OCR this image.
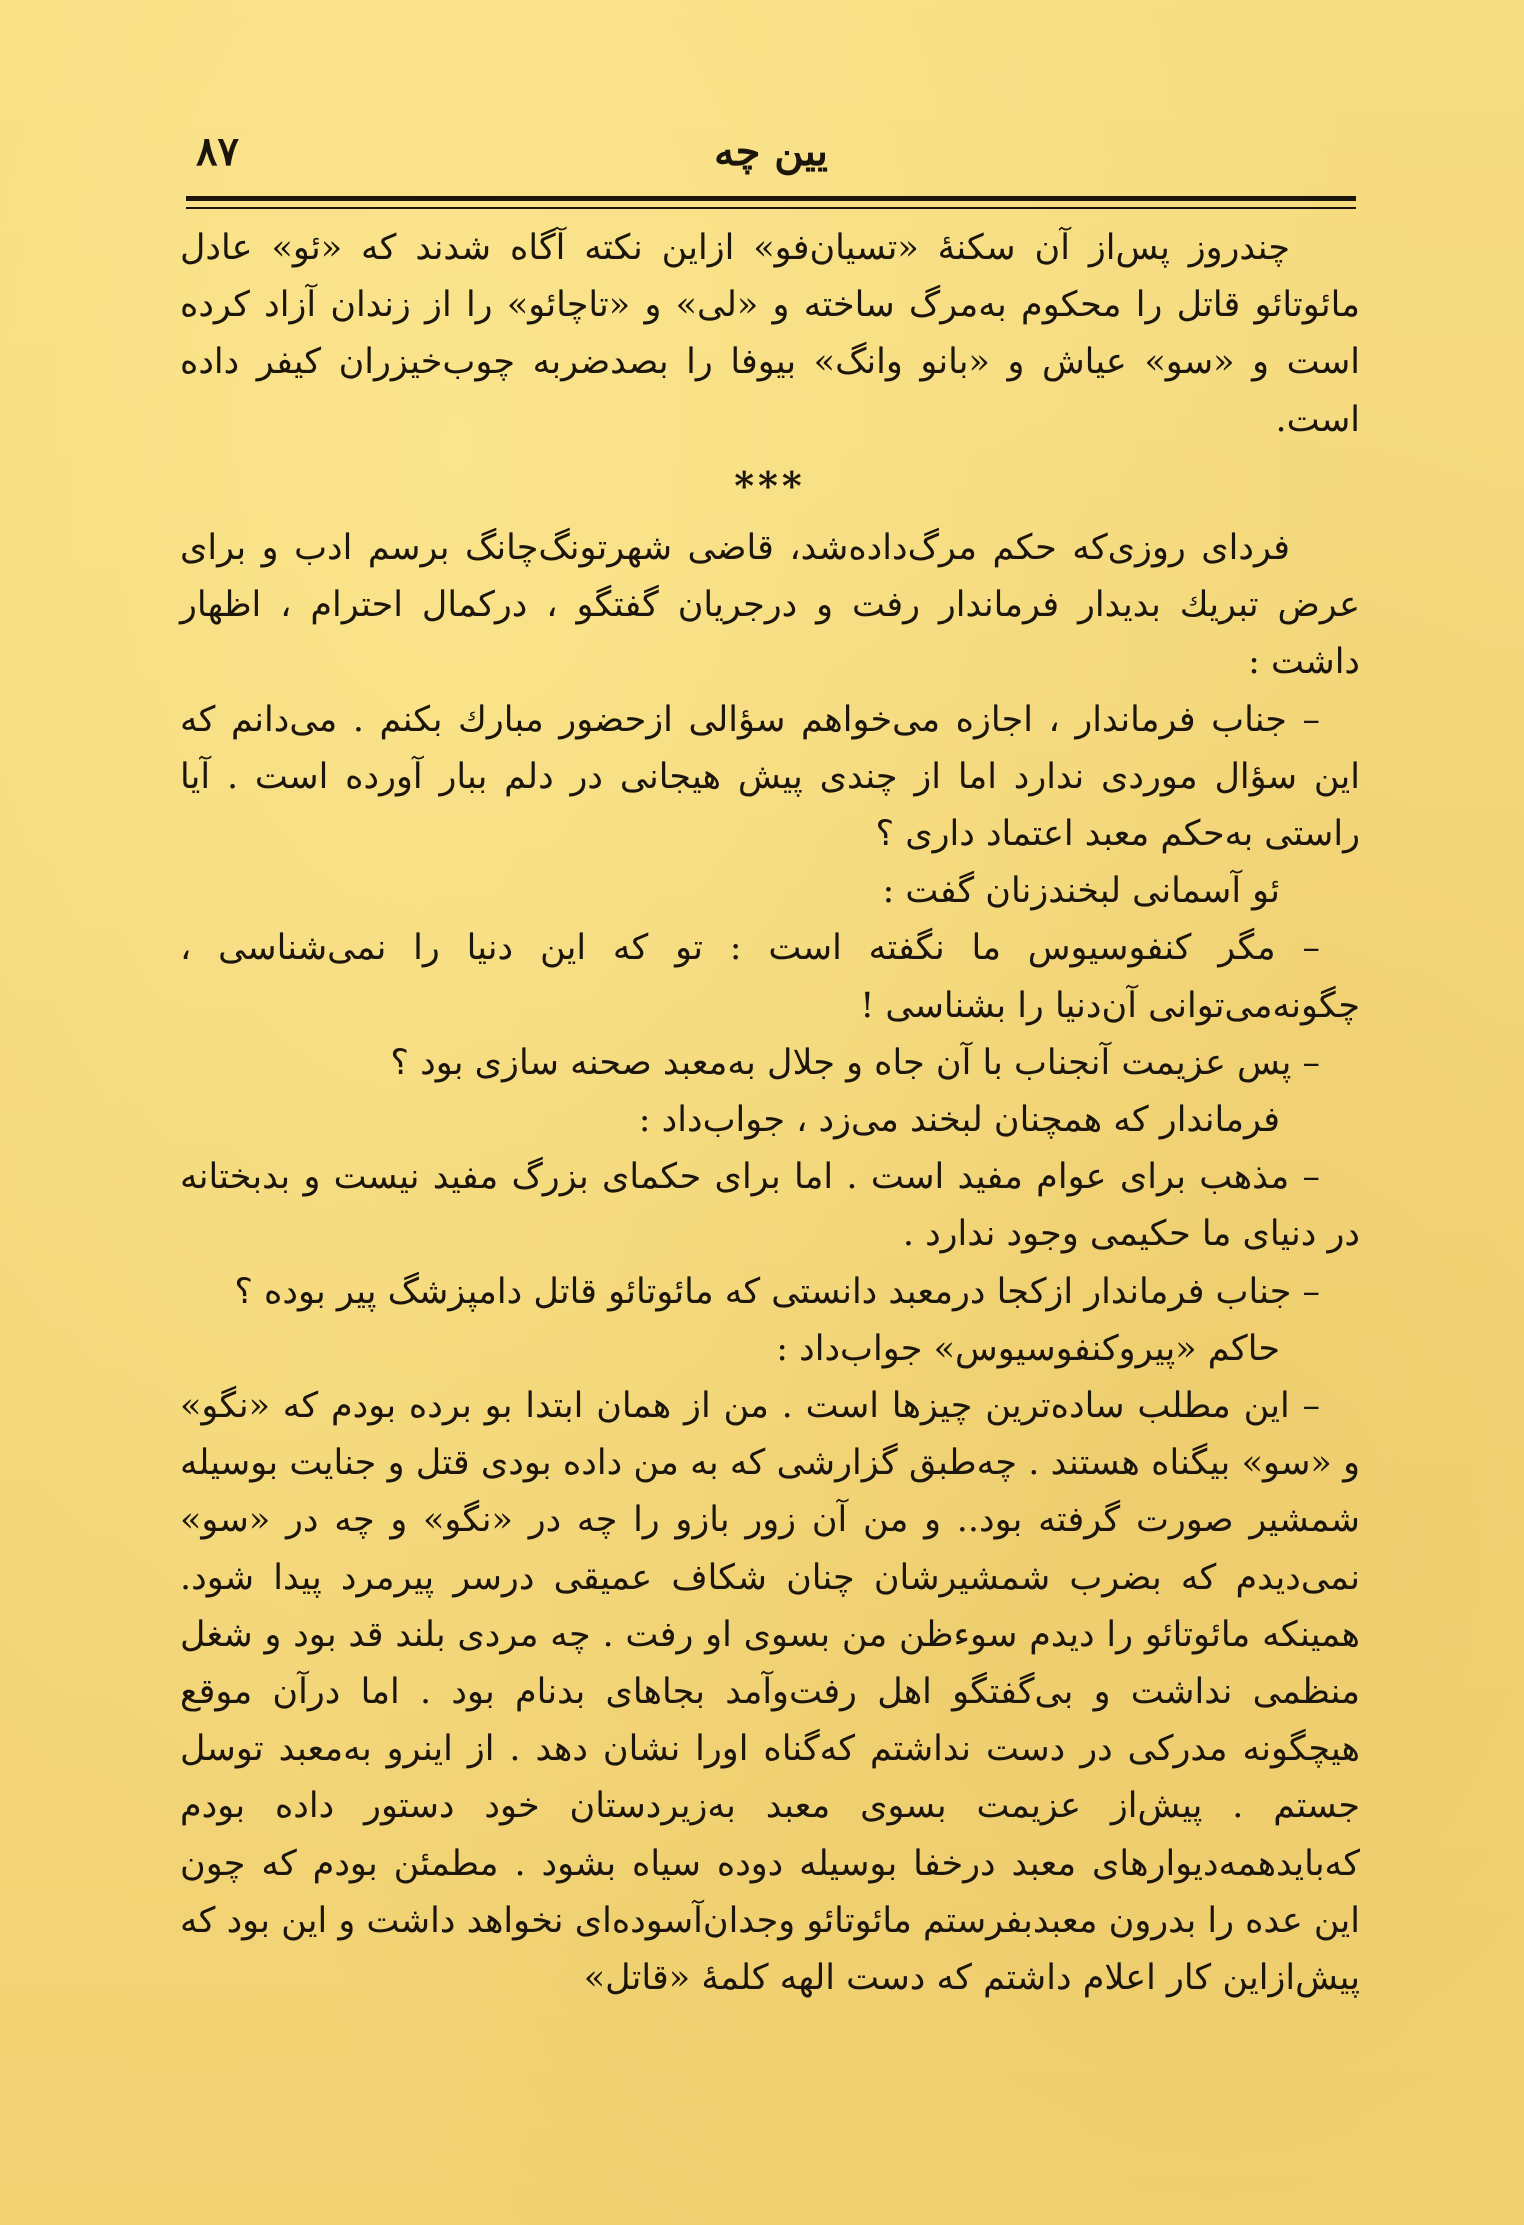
۸۷	یین چه

چندروز پس‌از آن سکنهٔ «تسیان‌فو» ازاین نکته آگاه شدند که «ئو» عادل مائوتائو قاتل را محکوم به‌مرگ ساخته و «لی» و «تاچائو» را از زندان آزاد کرده است و «سو» عیاش و «بانو وانگ» بیوفا را بصدضربه چوب‌خیزران کیفر داده است.

***

فردای روزی‌که حکم مرگ‌داده‌شد، قاضی شهرتونگ‌چانگ برسم ادب و برای عرض تبریك بدیدار فرماندار رفت و درجریان گفتگو ، درکمال احترام ، اظهار داشت :

– جناب فرماندار ، اجازه می‌خواهم سؤالی ازحضور مبارك بکنم . می‌دانم که این سؤال موردی ندارد اما از چندی پیش هیجانی در دلم ببار آورده است . آیا راستی به‌حکم معبد اعتماد داری ؟

ئو آسمانی لبخندزنان گفت :

– مگر کنفوسیوس ما نگفته است : تو که این دنیا را نمی‌شناسی ، چگونه‌می‌توانی آن‌دنیا را بشناسی !

– پس عزیمت آنجناب با آن جاه و جلال به‌معبد صحنه سازی بود ؟

فرماندار که همچنان لبخند می‌زد ، جواب‌داد :

– مذهب برای عوام مفید است . اما برای حکمای بزرگ مفید نیست و بدبختانه در دنیای ما حکیمی وجود ندارد .

– جناب فرماندار ازکجا درمعبد دانستی که مائوتائو قاتل دامپزشگ پیر بوده ؟

حاکم «پیروکنفوسیوس» جواب‌داد :

– این مطلب ساده‌ترین چیزها است . من از همان ابتدا بو برده بودم که «نگو» و «سو» بیگناه هستند . چه‌طبق گزارشی که به من داده بودی قتل و جنایت بوسیله شمشیر صورت گرفته بود.. و من آن زور بازو را چه در «نگو» و چه در «سو» نمی‌دیدم که بضرب شمشیرشان چنان شکاف عمیقی درسر پیرمرد پیدا شود. همینکه مائوتائو را دیدم سوءظن من بسوی او رفت . چه مردی بلند قد بود و شغل منظمی نداشت و بی‌گفتگو اهل رفت‌وآمد بجاهای بدنام بود . اما درآن موقع هیچگونه مدرکی در دست نداشتم که‌گناه اورا نشان دهد . از اینرو به‌معبد توسل جستم . پیش‌از عزیمت بسوی معبد به‌زیردستان خود دستور داده بودم که‌بایدهمه‌دیوارهای معبد درخفا بوسیله دوده سیاه بشود . مطمئن بودم که چون این عده را بدرون معبدبفرستم مائوتائو وجدان‌آسوده‌ای نخواهد داشت و این بود که پیش‌ازاین کار اعلام داشتم که دست الهه کلمهٔ «قاتل»
